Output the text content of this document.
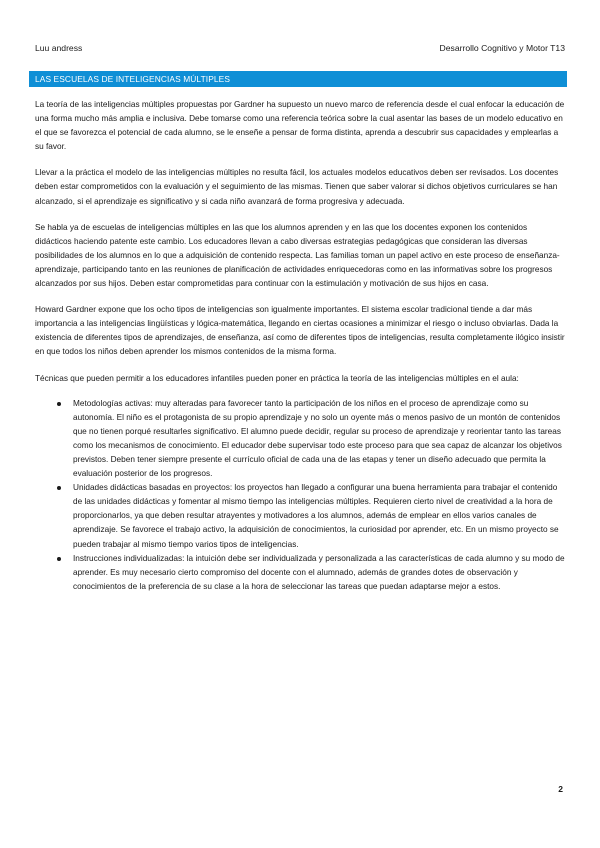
Luu andress	Desarrollo Cognitivo y Motor T13
LAS ESCUELAS DE INTELIGENCIAS MÚLTIPLES

La teoría de las inteligencias múltiples propuestas por Gardner ha supuesto un nuevo marco de referencia desde el cual enfocar la educación de una forma mucho más amplia e inclusiva. Debe tomarse como una referencia teórica sobre la cual asentar las bases de un modelo educativo en el que se favorezca el potencial de cada alumno, se le enseñe a pensar de forma distinta, aprenda a descubrir sus capacidades y emplearlas a su favor.

Llevar a la práctica el modelo de las inteligencias múltiples no resulta fácil, los actuales modelos educativos deben ser revisados. Los docentes deben estar comprometidos con la evaluación y el seguimiento de las mismas. Tienen que saber valorar si dichos objetivos curriculares se han alcanzado, si el aprendizaje es significativo y si cada niño avanzará de forma progresiva y adecuada.

Se habla ya de escuelas de inteligencias múltiples en las que los alumnos aprenden y en las que los docentes exponen los contenidos didácticos haciendo patente este cambio. Los educadores llevan a cabo diversas estrategias pedagógicas que consideran las diversas posibilidades de los alumnos en lo que a adquisición de contenido respecta. Las familias toman un papel activo en este proceso de enseñanza-aprendizaje, participando tanto en las reuniones de planificación de actividades enriquecedoras como en las informativas sobre los progresos alcanzados por sus hijos. Deben estar comprometidas para continuar con la estimulación y motivación de sus hijos en casa.

Howard Gardner expone que los ocho tipos de inteligencias son igualmente importantes. El sistema escolar tradicional tiende a dar más importancia a las inteligencias lingüísticas y lógica-matemática, llegando en ciertas ocasiones a minimizar el riesgo o incluso obviarlas. Dada la existencia de diferentes tipos de aprendizajes, de enseñanza, así como de diferentes tipos de inteligencias, resulta completamente ilógico insistir en que todos los niños deben aprender los mismos contenidos de la misma forma.

Técnicas que pueden permitir a los educadores infantiles pueden poner en práctica la teoría de las inteligencias múltiples en el aula:

Metodologías activas: muy alteradas para favorecer tanto la participación de los niños en el proceso de aprendizaje como su autonomía. El niño es el protagonista de su propio aprendizaje y no solo un oyente más o menos pasivo de un montón de contenidos que no tienen porqué resultarles significativo. El alumno puede decidir, regular su proceso de aprendizaje y reorientar tanto las tareas como los mecanismos de conocimiento. El educador debe supervisar todo este proceso para que sea capaz de alcanzar los objetivos previstos. Deben tener siempre presente el currículo oficial de cada una de las etapas y tener un diseño adecuado que permita la evaluación posterior de los progresos.
Unidades didácticas basadas en proyectos: los proyectos han llegado a configurar una buena herramienta para trabajar el contenido de las unidades didácticas y fomentar al mismo tiempo las inteligencias múltiples. Requieren cierto nivel de creatividad a la hora de proporcionarlos, ya que deben resultar atrayentes y motivadores a los alumnos, además de emplear en ellos varios canales de aprendizaje. Se favorece el trabajo activo, la adquisición de conocimientos, la curiosidad por aprender, etc. En un mismo proyecto se pueden trabajar al mismo tiempo varios tipos de inteligencias.
Instrucciones individualizadas: la intuición debe ser individualizada y personalizada a las características de cada alumno y su modo de aprender. Es muy necesario cierto compromiso del docente con el alumnado, además de grandes dotes de observación y conocimientos de la preferencia de su clase a la hora de seleccionar las tareas que puedan adaptarse mejor a estos.
2
